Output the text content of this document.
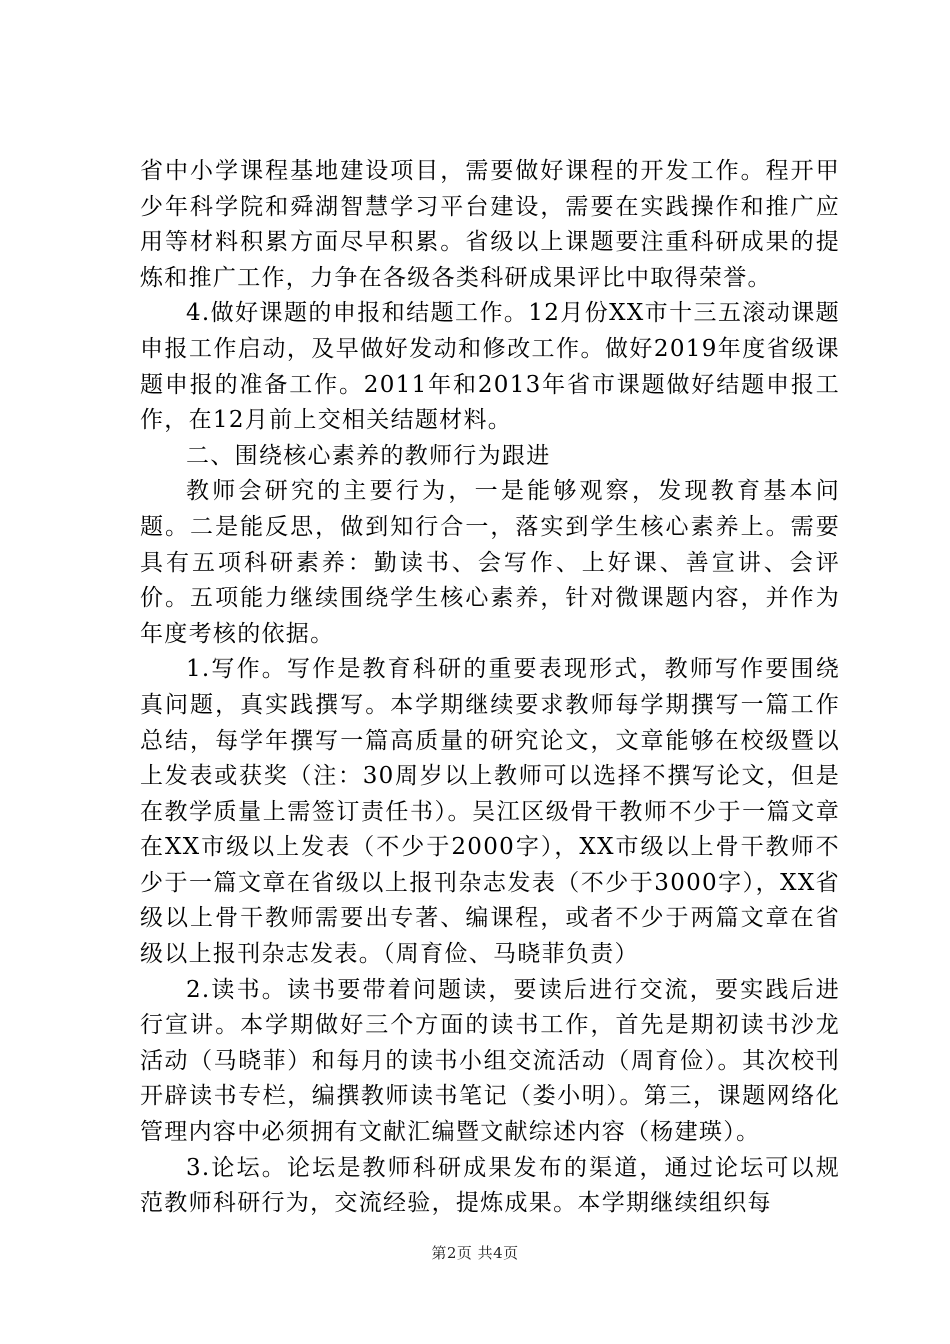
省中小学课程基地建设项目，需要做好课程的开发工作。程开甲少年科学院和舜湖智慧学习平台建设，需要在实践操作和推广应用等材料积累方面尽早积累。省级以上课题要注重科研成果的提炼和推广工作，力争在各级各类科研成果评比中取得荣誉。

4.做好课题的申报和结题工作。12月份XX市十三五滚动课题申报工作启动，及早做好发动和修改工作。做好2019年度省级课题申报的准备工作。2011年和2013年省市课题做好结题申报工作，在12月前上交相关结题材料。

二、围绕核心素养的教师行为跟进

教师会研究的主要行为，一是能够观察，发现教育基本问题。二是能反思，做到知行合一，落实到学生核心素养上。需要具有五项科研素养：勤读书、会写作、上好课、善宣讲、会评价。五项能力继续围绕学生核心素养，针对微课题内容，并作为年度考核的依据。

1.写作。写作是教育科研的重要表现形式，教师写作要围绕真问题，真实践撰写。本学期继续要求教师每学期撰写一篇工作总结，每学年撰写一篇高质量的研究论文，文章能够在校级暨以上发表或获奖（注：30周岁以上教师可以选择不撰写论文，但是在教学质量上需签订责任书）。吴江区级骨干教师不少于一篇文章在XX市级以上发表（不少于2000字），XX市级以上骨干教师不少于一篇文章在省级以上报刊杂志发表（不少于3000字），XX省级以上骨干教师需要出专著、编课程，或者不少于两篇文章在省级以上报刊杂志发表。（周育俭、马晓菲负责）

2.读书。读书要带着问题读，要读后进行交流，要实践后进行宣讲。本学期做好三个方面的读书工作，首先是期初读书沙龙活动（马晓菲）和每月的读书小组交流活动（周育俭）。其次校刊开辟读书专栏，编撰教师读书笔记（娄小明）。第三，课题网络化管理内容中必须拥有文献汇编暨文献综述内容（杨建瑛）。

3.论坛。论坛是教师科研成果发布的渠道，通过论坛可以规范教师科研行为，交流经验，提炼成果。本学期继续组织每

第2页 共4页
